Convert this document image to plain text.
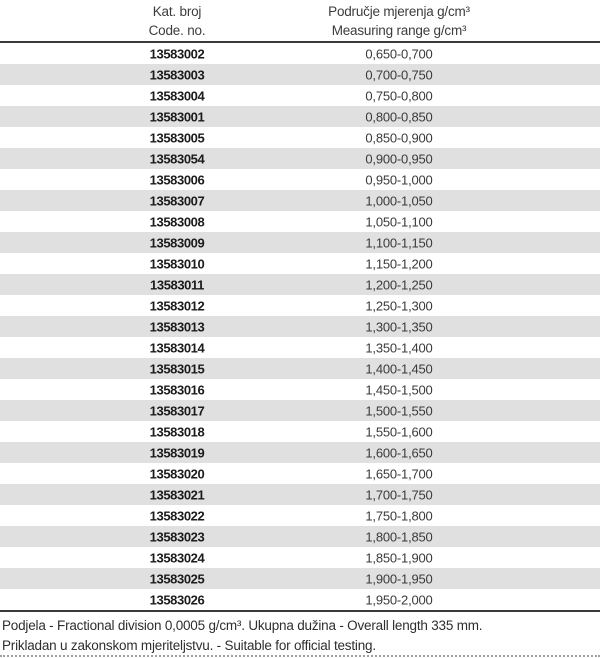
Kat. broj
Code. no.
Područje mjerenja g/cm³
Measuring range g/cm³
13583002	0,650-0,700
13583003	0,700-0,750
13583004	0,750-0,800
13583001	0,800-0,850
13583005	0,850-0,900
13583054	0,900-0,950
13583006	0,950-1,000
13583007	1,000-1,050
13583008	1,050-1,100
13583009	1,100-1,150
13583010	1,150-1,200
13583011	1,200-1,250
13583012	1,250-1,300
13583013	1,300-1,350
13583014	1,350-1,400
13583015	1,400-1,450
13583016	1,450-1,500
13583017	1,500-1,550
13583018	1,550-1,600
13583019	1,600-1,650
13583020	1,650-1,700
13583021	1,700-1,750
13583022	1,750-1,800
13583023	1,800-1,850
13583024	1,850-1,900
13583025	1,900-1,950
13583026	1,950-2,000
Podjela - Fractional division 0,0005 g/cm³. Ukupna dužina - Overall length 335 mm.
Prikladan u zakonskom mjeriteljstvu. - Suitable for official testing.
